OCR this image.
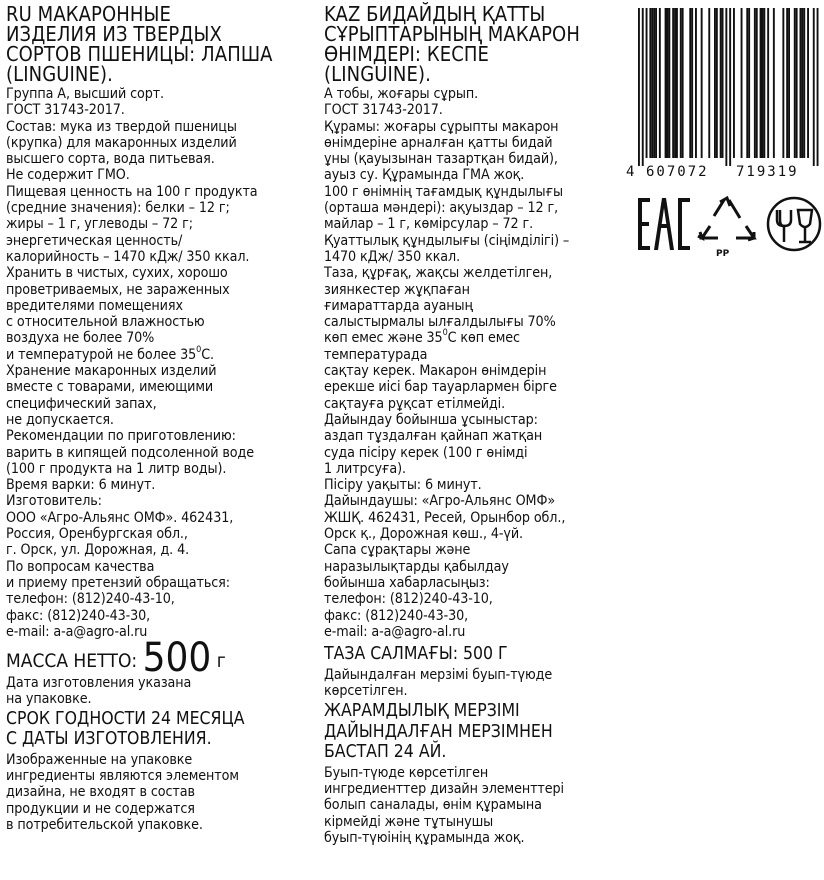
RU МАКАРОННЫЕ
ИЗДЕЛИЯ ИЗ ТВЕРДЫХ
СОРТОВ ПШЕНИЦЫ: ЛАПША
(LINGUINE).
Группа А, высший сорт.
ГОСТ 31743-2017.
Состав: мука из твердой пшеницы
(крупка) для макаронных изделий
высшего сорта, вода питьевая.
Не содержит ГМО.
Пищевая ценность на 100 г продукта
(средние значения): белки – 12 г;
жиры – 1 г, углеводы – 72 г;
энергетическая ценность/
калорийность – 1470 кДж/ 350 ккал.
Хранить в чистых, сухих, хорошо
проветриваемых, не зараженных
вредителями помещениях
с относительной влажностью
воздуха не более 70%
и температурой не более $35^0С$.
Хранение макаронных изделий
вместе с товарами, имеющими
специфический запах,
не допускается.
Рекомендации по приготовлению:
варить в кипящей подсоленной воде
(100 г продукта на 1 литр воды).
Время варки: 6 минут.
Изготовитель:
ООО «Агро-Альянс ОМФ». 462431,
Россия, Оренбургская обл.,
г. Орск, ул. Дорожная, д. 4.
По вопросам качества
и приему претензий обращаться:
телефон: (812)240-43-10,
факс: (812)240-43-30,
e-mail: a-a@agro-al.ru
МАССА НЕТТО: 500 г
Дата изготовления указана
на упаковке.
СРОК ГОДНОСТИ 24 МЕСЯЦА
С ДАТЫ ИЗГОТОВЛЕНИЯ.
Изображенные на упаковке
ингредиенты являются элементом
дизайна, не входят в состав
продукции и не содержатся
в потребительской упаковке.
KAZ БИДАЙДЫҢ ҚАТТЫ
СҰРЫПТАРЫНЫҢ МАКАРОН
ӨНІМДЕРІ: КЕСПЕ
(LINGUINE).
А тобы, жоғары сұрып.
ГОСТ 31743-2017.
Құрамы: жоғары сұрыпты макарон
өнімдеріне арналған қатты бидай
ұны (қауызынан тазартқан бидай),
ауыз су. Құрамында ГМА жоқ.
100 г өнімнің тағамдық құндылығы
(орташа мәндері): ақуыздар – 12 г,
майлар – 1 г, көмірсулар – 72 г.
Қуаттылық құндылығы (сіңімділігі) –
1470 кДж/ 350 ккал.
Таза, құрғақ, жақсы желдетілген,
зиянкестер жұқпаған
ғимараттарда ауаның
салыстырмалы ылғалдылығы 70%
көп емес және $35^0С$ көп емес
температурада
сақтау керек. Макарон өнімдерін
ерекше иісі бар тауарлармен бірге
сақтауға рұқсат етілмейді.
Дайындау бойынша ұсыныстар:
аздап тұздалған қайнап жатқан
суда пісіру керек (100 г өнімді
1 литрсуға).
Пісіру уақыты: 6 минут.
Дайындаушы: «Агро-Альянс ОМФ»
ЖШҚ. 462431, Ресей, Орынбор обл.,
Орск қ., Дорожная көш., 4-үй.
Сапа сұрақтары және
наразылықтарды қабылдау
бойынша хабарласыңыз:
телефон: (812)240-43-10,
факс: (812)240-43-30,
e-mail: a-a@agro-al.ru
ТАЗА САЛМАҒЫ: 500 Г
Дайындалған мерзімі буып-түюде
көрсетілген.
ЖАРАМДЫЛЫҚ МЕРЗІМІ
ДАЙЫНДАЛҒАН МЕРЗІМНЕН
БАСТАП 24 АЙ.
Буып-түюде көрсетілген
ингредиенттер дизайн элементтері
болып саналады, өнім құрамына
кірмейді және тұтынушы
буып-түюінің құрамында жоқ.
4 607072 719319
PP
